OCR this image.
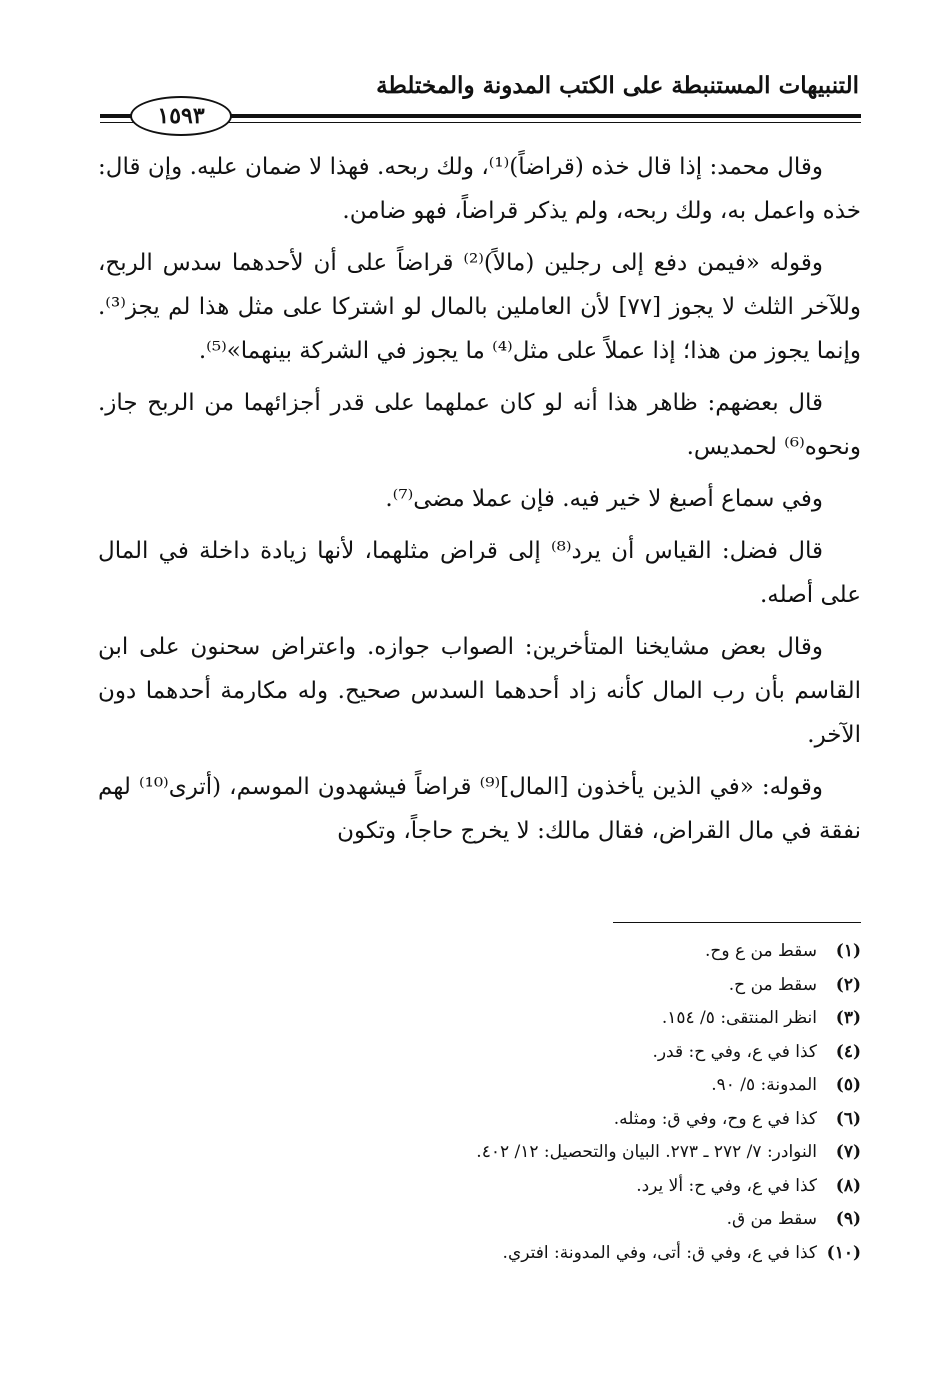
التنبيهات المستنبطة على الكتب المدونة والمختلطة
١٥٩٣

وقال محمد: إذا قال خذه (قراضاً)⁽¹⁾، ولك ربحه. فهذا لا ضمان عليه. وإن قال: خذه واعمل به، ولك ربحه، ولم يذكر قراضاً، فهو ضامن.

وقوله «فيمن دفع إلى رجلين (مالاً)⁽²⁾ قراضاً على أن لأحدهما سدس الربح، وللآخر الثلث لا يجوز [٧٧] لأن العاملين بالمال لو اشتركا على مثل هذا لم يجز⁽³⁾. وإنما يجوز من هذا؛ إذا عملاً على مثل⁽⁴⁾ ما يجوز في الشركة بينهما»⁽⁵⁾.

قال بعضهم: ظاهر هذا أنه لو كان عملهما على قدر أجزائهما من الربح جاز. ونحوه⁽⁶⁾ لحمديس.

وفي سماع أصبغ لا خير فيه. فإن عملا مضى⁽⁷⁾.

قال فضل: القياس أن يرد⁽⁸⁾ إلى قراض مثلهما، لأنها زيادة داخلة في المال على أصله.

وقال بعض مشايخنا المتأخرين: الصواب جوازه. واعتراض سحنون على ابن القاسم بأن رب المال كأنه زاد أحدهما السدس صحيح. وله مكارمة أحدهما دون الآخر.

وقوله: «في الذين يأخذون [المال]⁽⁹⁾ قراضاً فيشهدون الموسم، (أترى⁽¹⁰⁾ لهم نفقة في مال القراض، فقال مالك: لا يخرج حاجاً، وتكون

(١)
سقط من ع وح.
(٢)
سقط من ح.
(٣)
انظر المنتقى: ٥/ ١٥٤.
(٤)
كذا في ع، وفي ح: قدر.
(٥)
المدونة: ٥/ ٩٠.
(٦)
كذا في ع وح، وفي ق: ومثله.
(٧)
النوادر: ٧/ ٢٧٢ ـ ٢٧٣. البيان والتحصيل: ١٢/ ٤٠٢.
(٨)
كذا في ع، وفي ح: ألا يرد.
(٩)
سقط من ق.
(١٠)
كذا في ع، وفي ق: أتى، وفي المدونة: افتري.
